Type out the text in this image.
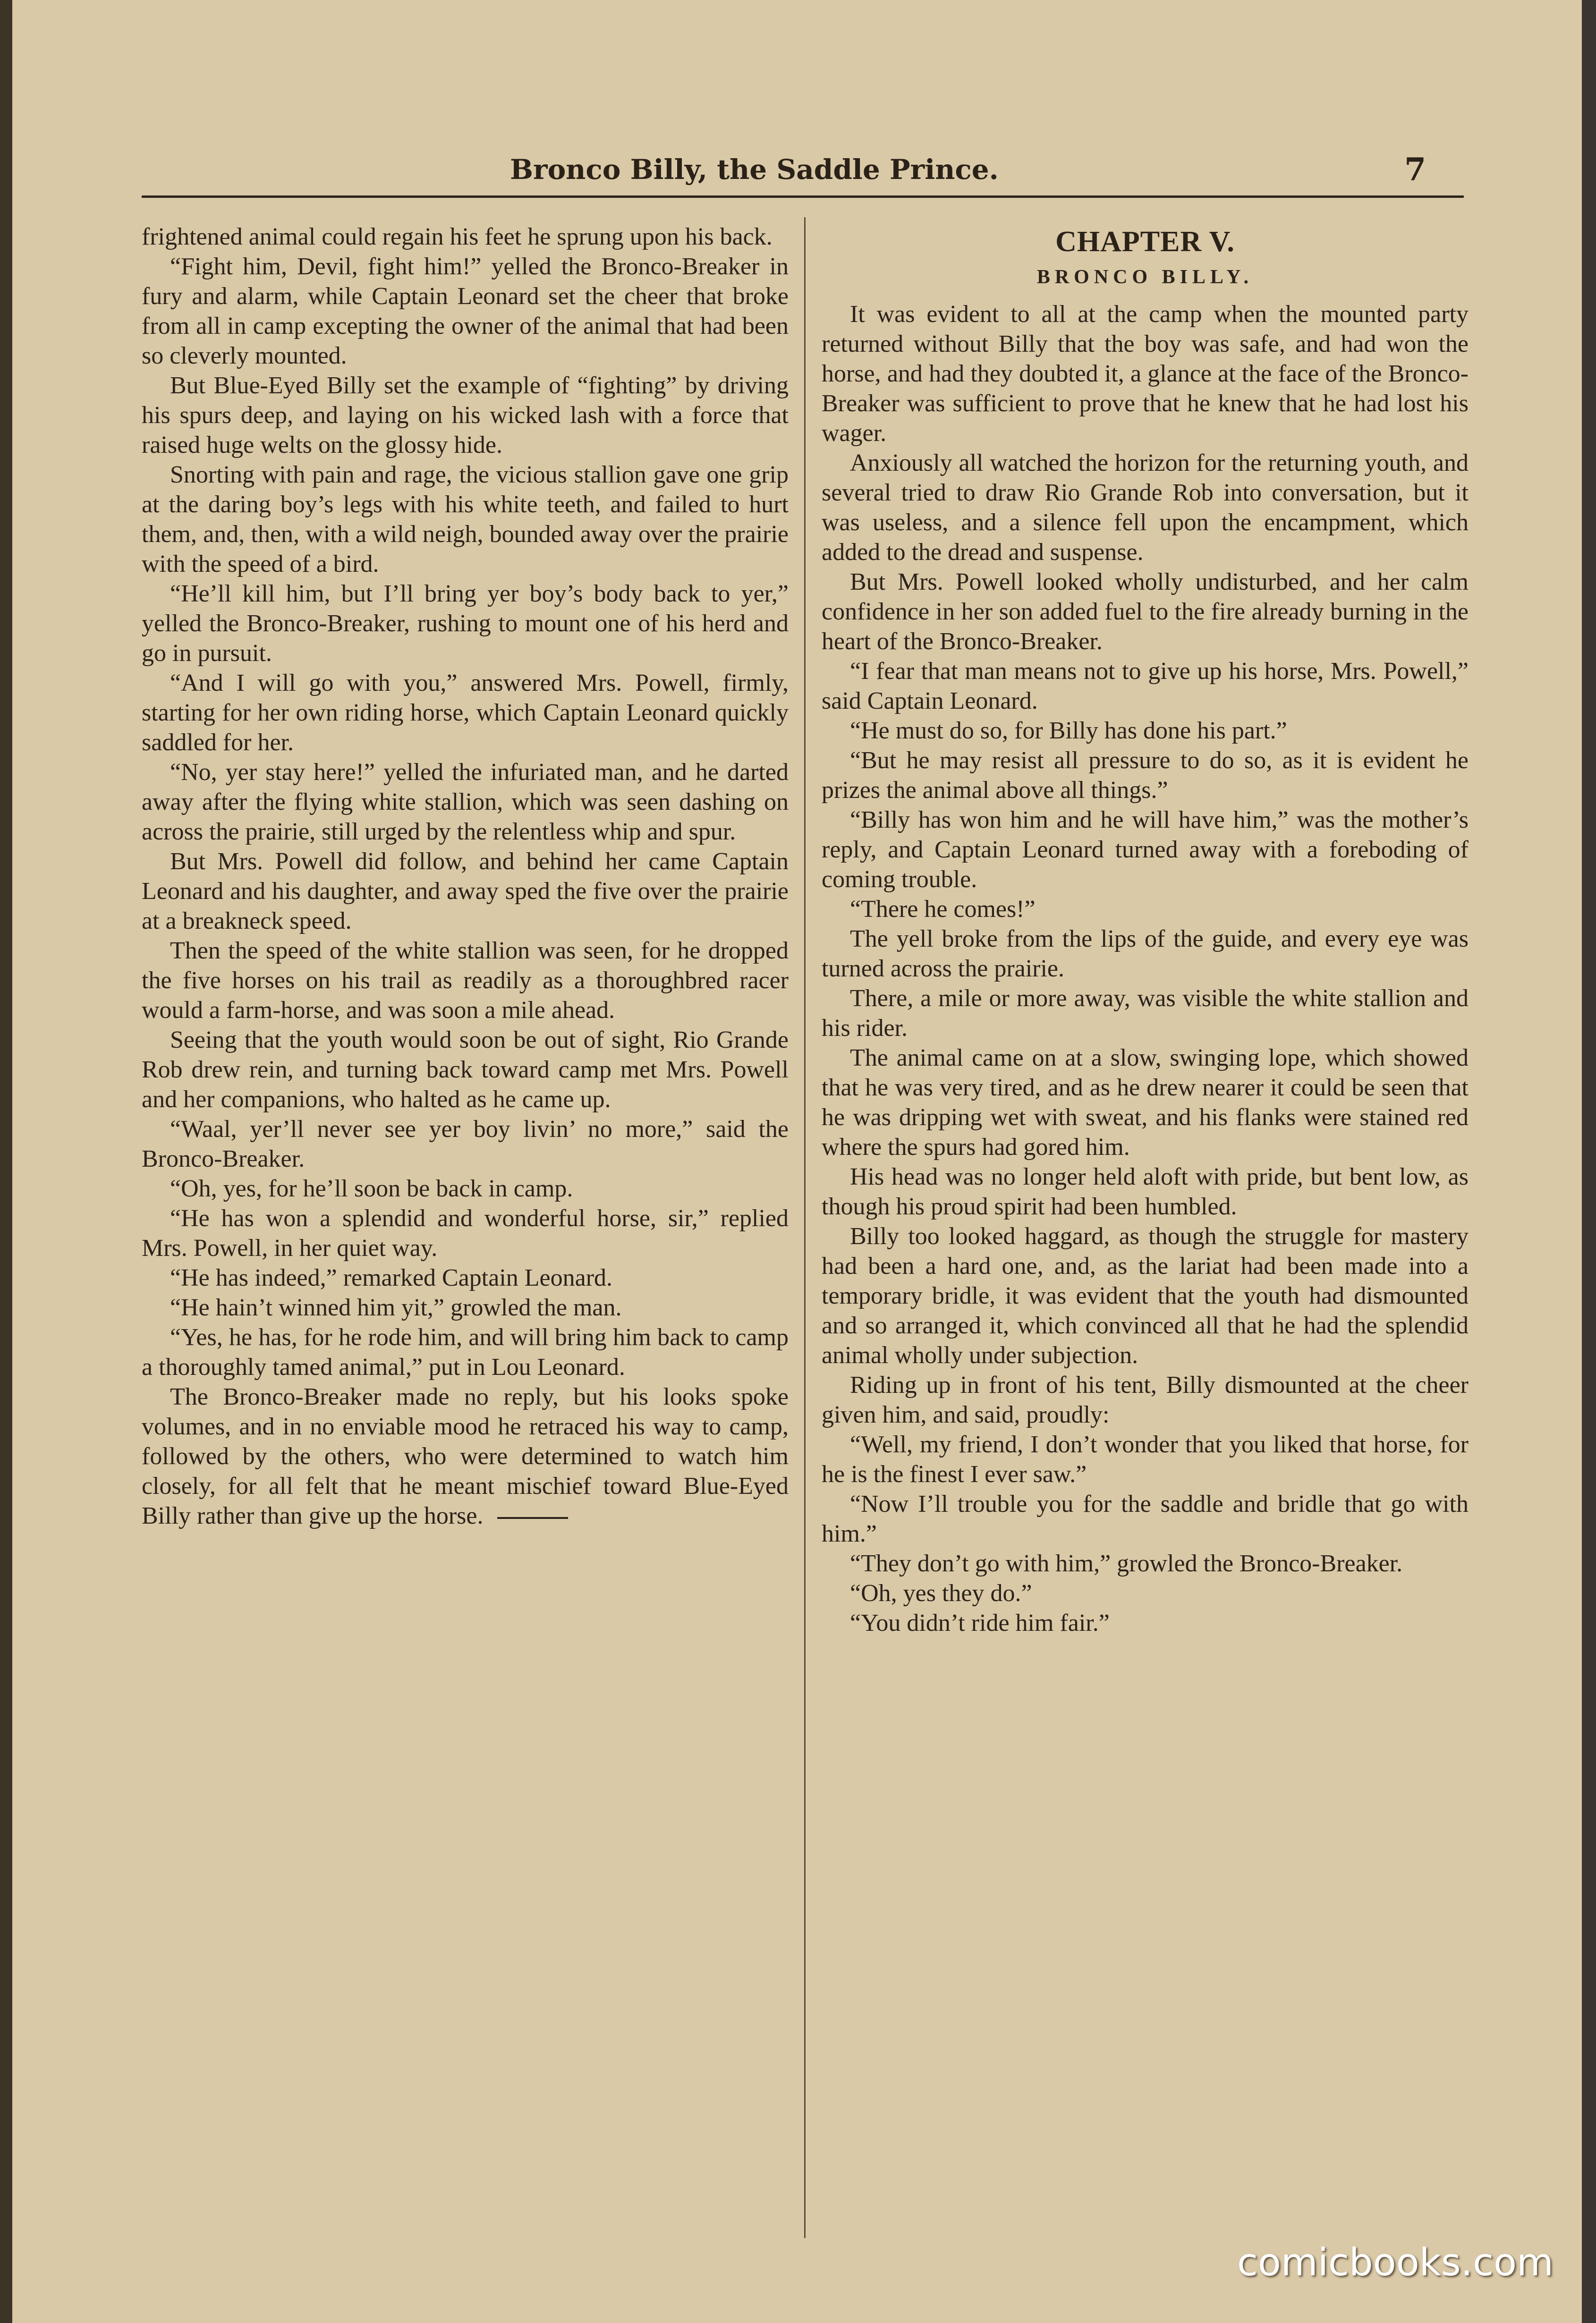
Bronco Billy, the Saddle Prince.	7

frightened animal could regain his feet he sprung upon his back.

“Fight him, Devil, fight him!” yelled the Bronco-Breaker in fury and alarm, while Captain Leonard set the cheer that broke from all in camp excepting the owner of the animal that had been so cleverly mounted.

But Blue-Eyed Billy set the example of “fighting” by driving his spurs deep, and laying on his wicked lash with a force that raised huge welts on the glossy hide.

Snorting with pain and rage, the vicious stallion gave one grip at the daring boy’s legs with his white teeth, and failed to hurt them, and, then, with a wild neigh, bounded away over the prairie with the speed of a bird.

“He’ll kill him, but I’ll bring yer boy’s body back to yer,” yelled the Bronco-Breaker, rushing to mount one of his herd and go in pursuit.

“And I will go with you,” answered Mrs. Powell, firmly, starting for her own riding horse, which Captain Leonard quickly saddled for her.

“No, yer stay here!” yelled the infuriated man, and he darted away after the flying white stallion, which was seen dashing on across the prairie, still urged by the relentless whip and spur.

But Mrs. Powell did follow, and behind her came Captain Leonard and his daughter, and away sped the five over the prairie at a breakneck speed.

Then the speed of the white stallion was seen, for he dropped the five horses on his trail as readily as a thoroughbred racer would a farm-horse, and was soon a mile ahead.

Seeing that the youth would soon be out of sight, Rio Grande Rob drew rein, and turning back toward camp met Mrs. Powell and her companions, who halted as he came up.

“Waal, yer’ll never see yer boy livin’ no more,” said the Bronco-Breaker.

“Oh, yes, for he’ll soon be back in camp.

“He has won a splendid and wonderful horse, sir,” replied Mrs. Powell, in her quiet way.

“He has indeed,” remarked Captain Leonard.

“He hain’t winned him yit,” growled the man.

“Yes, he has, for he rode him, and will bring him back to camp a thoroughly tamed animal,” put in Lou Leonard.

The Bronco-Breaker made no reply, but his looks spoke volumes, and in no enviable mood he retraced his way to camp, followed by the others, who were determined to watch him closely, for all felt that he meant mischief toward Blue-Eyed Billy rather than give up the horse.

CHAPTER V.
BRONCO BILLY.

It was evident to all at the camp when the mounted party returned without Billy that the boy was safe, and had won the horse, and had they doubted it, a glance at the face of the Bronco-Breaker was sufficient to prove that he knew that he had lost his wager.

Anxiously all watched the horizon for the returning youth, and several tried to draw Rio Grande Rob into conversation, but it was useless, and a silence fell upon the encampment, which added to the dread and suspense.

But Mrs. Powell looked wholly undisturbed, and her calm confidence in her son added fuel to the fire already burning in the heart of the Bronco-Breaker.

“I fear that man means not to give up his horse, Mrs. Powell,” said Captain Leonard.

“He must do so, for Billy has done his part.”

“But he may resist all pressure to do so, as it is evident he prizes the animal above all things.”

“Billy has won him and he will have him,” was the mother’s reply, and Captain Leonard turned away with a foreboding of coming trouble.

“There he comes!”

The yell broke from the lips of the guide, and every eye was turned across the prairie.

There, a mile or more away, was visible the white stallion and his rider.

The animal came on at a slow, swinging lope, which showed that he was very tired, and as he drew nearer it could be seen that he was dripping wet with sweat, and his flanks were stained red where the spurs had gored him.

His head was no longer held aloft with pride, but bent low, as though his proud spirit had been humbled.

Billy too looked haggard, as though the struggle for mastery had been a hard one, and, as the lariat had been made into a temporary bridle, it was evident that the youth had dismounted and so arranged it, which convinced all that he had the splendid animal wholly under subjection.

Riding up in front of his tent, Billy dismounted at the cheer given him, and said, proudly:

“Well, my friend, I don’t wonder that you liked that horse, for he is the finest I ever saw.”

“Now I’ll trouble you for the saddle and bridle that go with him.”

“They don’t go with him,” growled the Bronco-Breaker.

“Oh, yes they do.”

“You didn’t ride him fair.”

comicbooks.com
